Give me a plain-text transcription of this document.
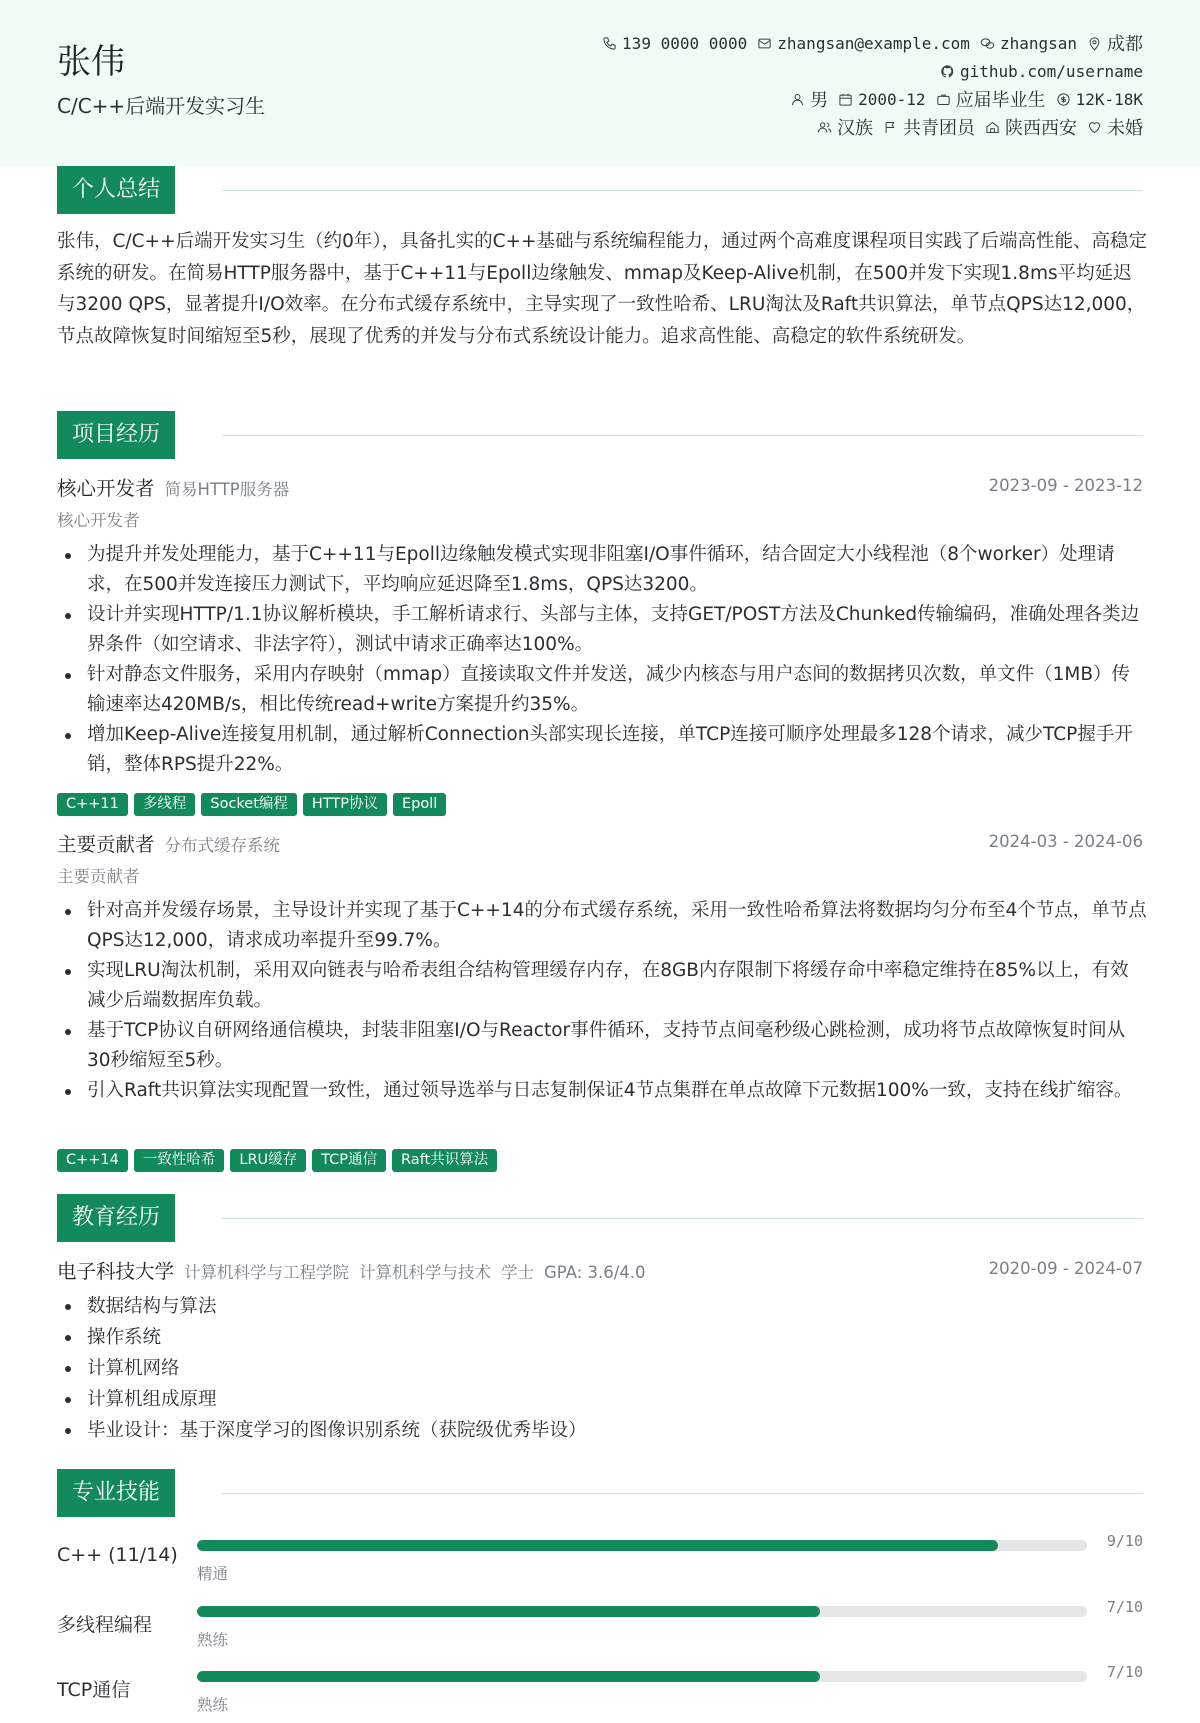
张伟
C/C++后端开发实习生
139 0000 0000 zhangsan@example.com zhangsan 成都
github.com/username
男 2000-12 应届毕业生 12K-18K
汉族 共青团员 陕西西安 未婚
个人总结
张伟，C/C++后端开发实习生（约0年），具备扎实的C++基础与系统编程能力，通过两个高难度课程项目实践了后端高性能、高稳定系统的研发。在简易HTTP服务器中，基于C++11与Epoll边缘触发、mmap及Keep-Alive机制，在500并发下实现1.8ms平均延迟与3200 QPS，显著提升I/O效率。在分布式缓存系统中，主导实现了一致性哈希、LRU淘汰及Raft共识算法，单节点QPS达12,000，节点故障恢复时间缩短至5秒，展现了优秀的并发与分布式系统设计能力。追求高性能、高稳定的软件系统研发。
项目经历
核心开发者 简易HTTP服务器	2023-09 - 2023-12
核心开发者
为提升并发处理能力，基于C++11与Epoll边缘触发模式实现非阻塞I/O事件循环，结合固定大小线程池（8个worker）处理请求，在500并发连接压力测试下，平均响应延迟降至1.8ms，QPS达3200。
设计并实现HTTP/1.1协议解析模块，手工解析请求行、头部与主体，支持GET/POST方法及Chunked传输编码，准确处理各类边界条件（如空请求、非法字符），测试中请求正确率达100%。
针对静态文件服务，采用内存映射（mmap）直接读取文件并发送，减少内核态与用户态间的数据拷贝次数，单文件（1MB）传输速率达420MB/s，相比传统read+write方案提升约35%。
增加Keep-Alive连接复用机制，通过解析Connection头部实现长连接，单TCP连接可顺序处理最多128个请求，减少TCP握手开销，整体RPS提升22%。
C++11	多线程	Socket编程	HTTP协议	Epoll
主要贡献者 分布式缓存系统	2024-03 - 2024-06
主要贡献者
针对高并发缓存场景，主导设计并实现了基于C++14的分布式缓存系统，采用一致性哈希算法将数据均匀分布至4个节点，单节点QPS达12,000，请求成功率提升至99.7%。
实现LRU淘汰机制，采用双向链表与哈希表组合结构管理缓存内存，在8GB内存限制下将缓存命中率稳定维持在85%以上，有效减少后端数据库负载。
基于TCP协议自研网络通信模块，封装非阻塞I/O与Reactor事件循环，支持节点间毫秒级心跳检测，成功将节点故障恢复时间从30秒缩短至5秒。
引入Raft共识算法实现配置一致性，通过领导选举与日志复制保证4节点集群在单点故障下元数据100%一致，支持在线扩缩容。
C++14	一致性哈希	LRU缓存	TCP通信	Raft共识算法
教育经历
电子科技大学 计算机科学与工程学院 计算机科学与技术 学士 GPA: 3.6/4.0	2020-09 - 2024-07
数据结构与算法
操作系统
计算机网络
计算机组成原理
毕业设计：基于深度学习的图像识别系统（获院级优秀毕设）
专业技能
C++ (11/14)
9/10
精通
多线程编程
7/10
熟练
TCP通信
7/10
熟练
